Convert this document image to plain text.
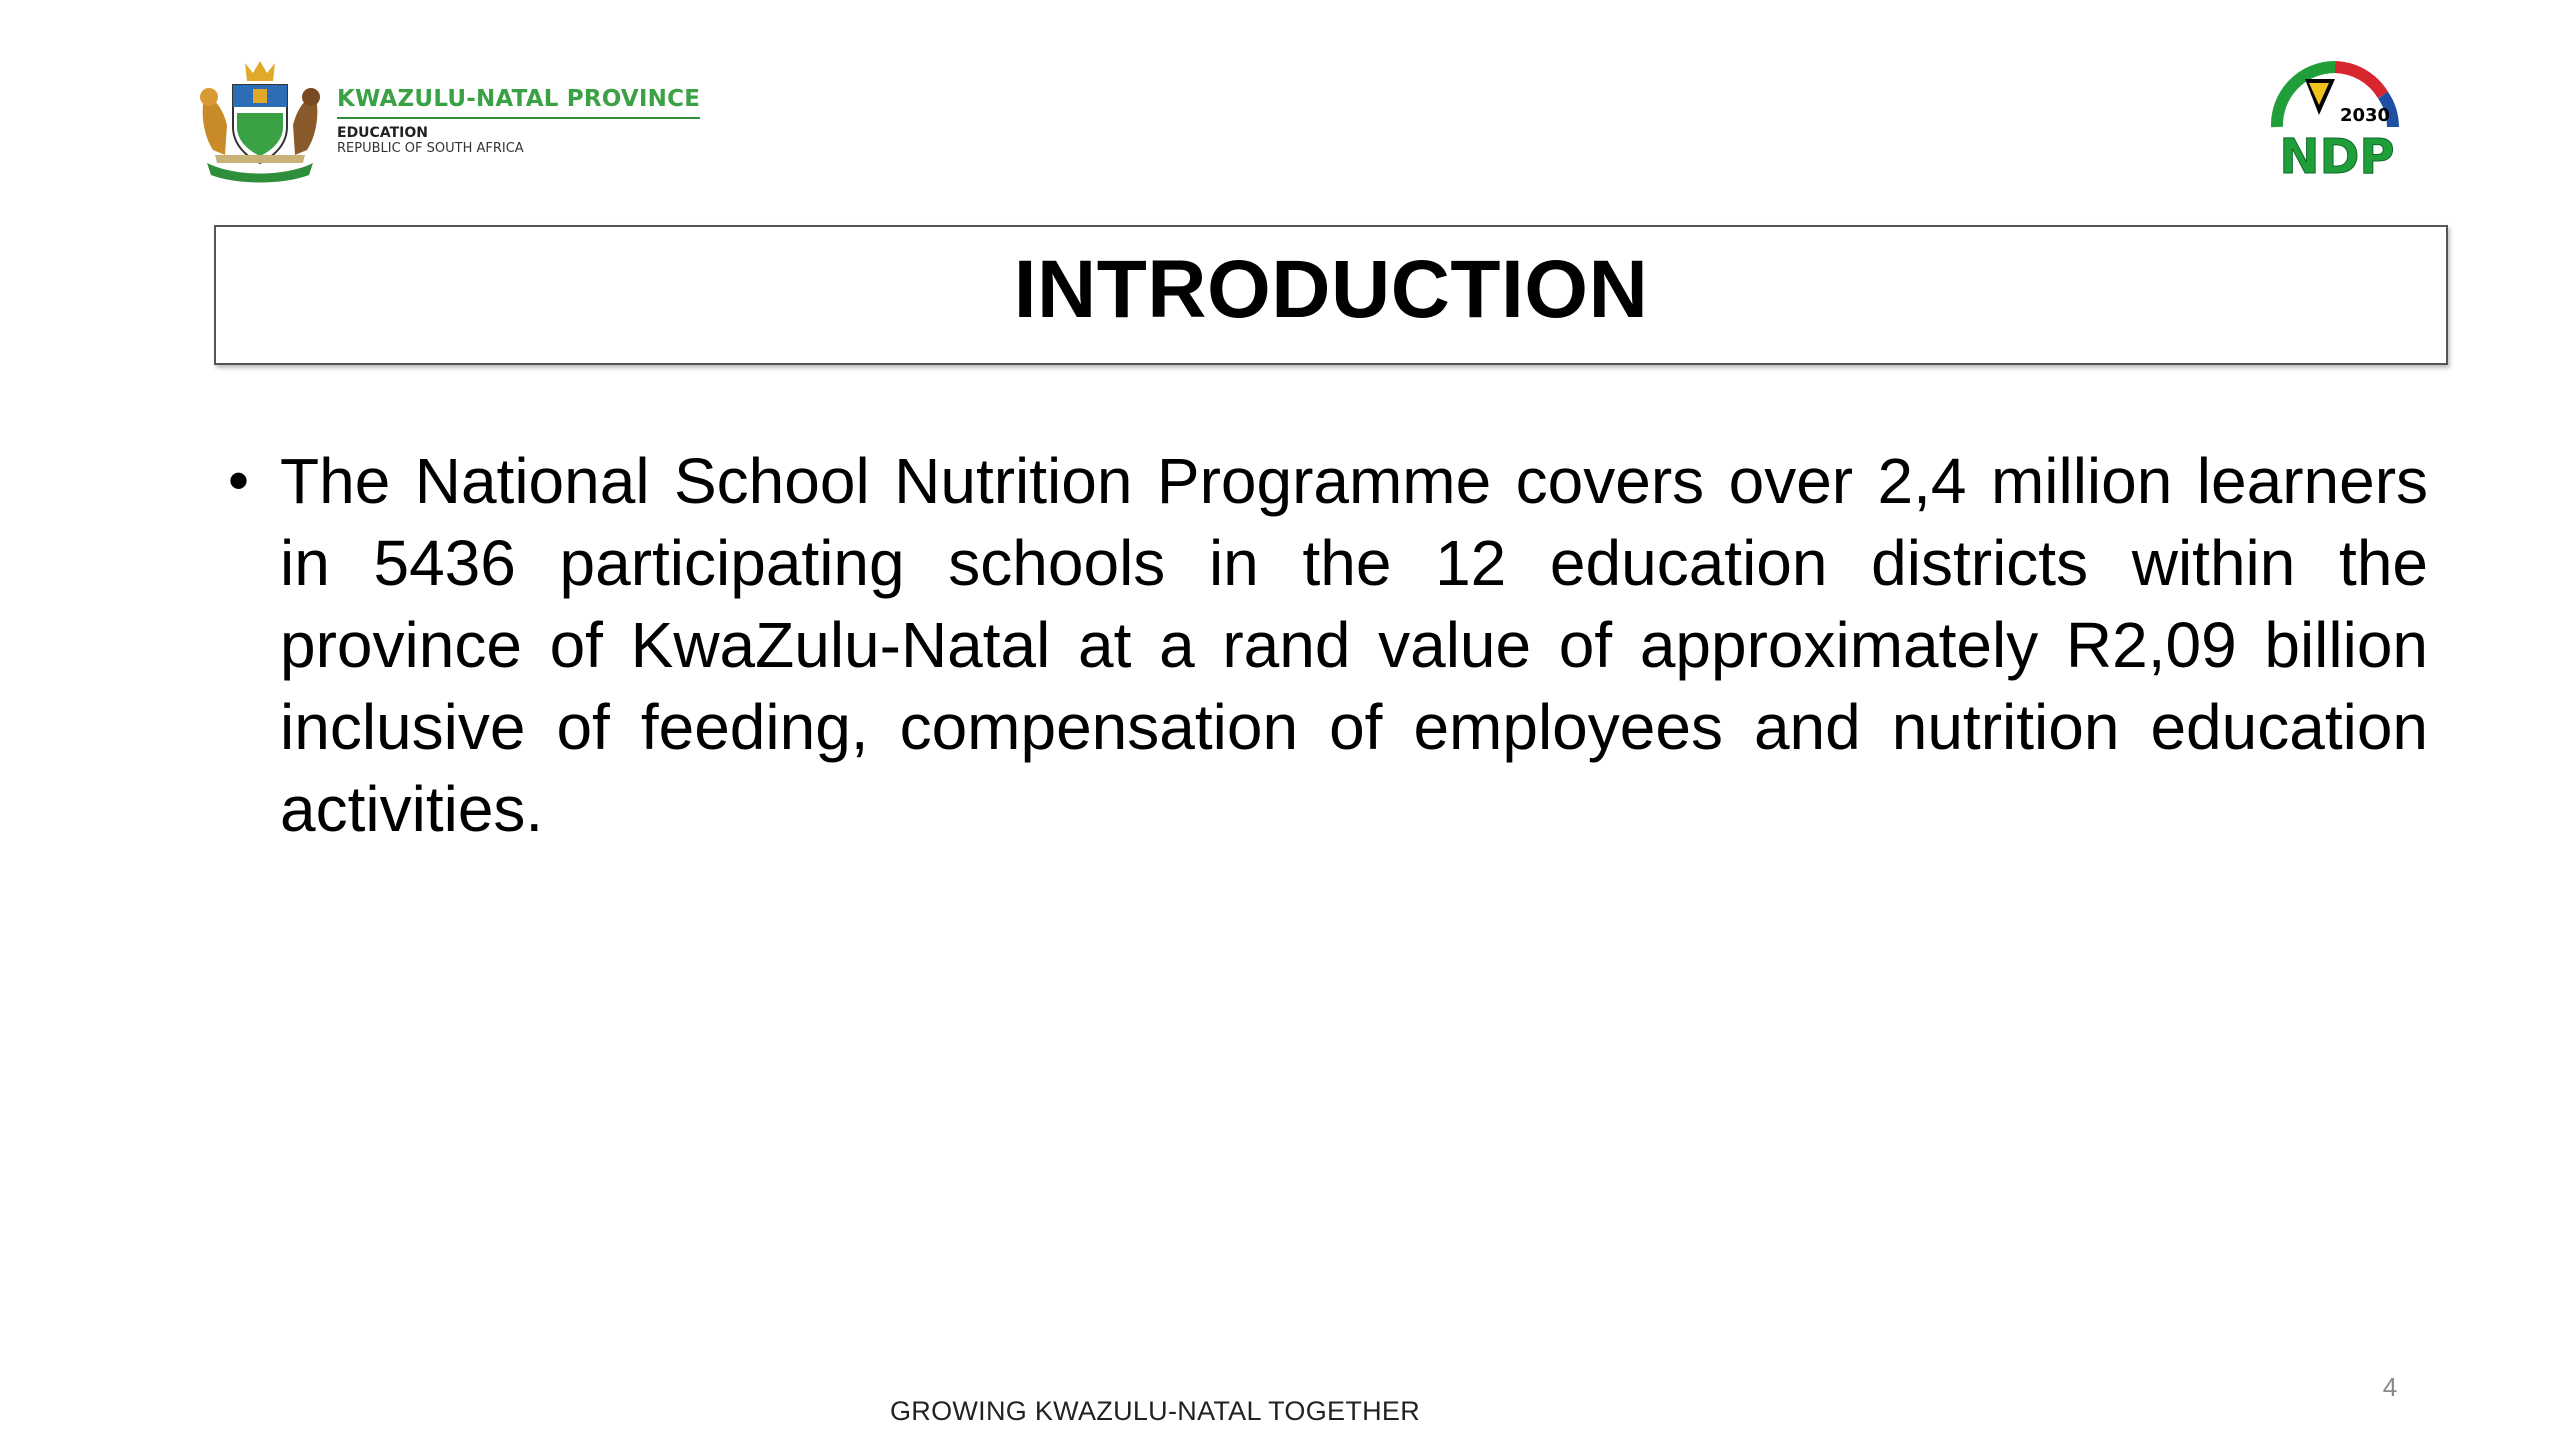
KWAZULU-NATAL PROVINCE
EDUCATION
REPUBLIC OF SOUTH AFRICA
2030
NDP
INTRODUCTION
• The National School Nutrition Programme covers over 2,4 million learners in 5436 participating schools in the 12 education districts within the province of KwaZulu-Natal at a rand value of approximately R2,09 billion inclusive of feeding, compensation of employees and nutrition education activities.
GROWING KWAZULU-NATAL TOGETHER
4
